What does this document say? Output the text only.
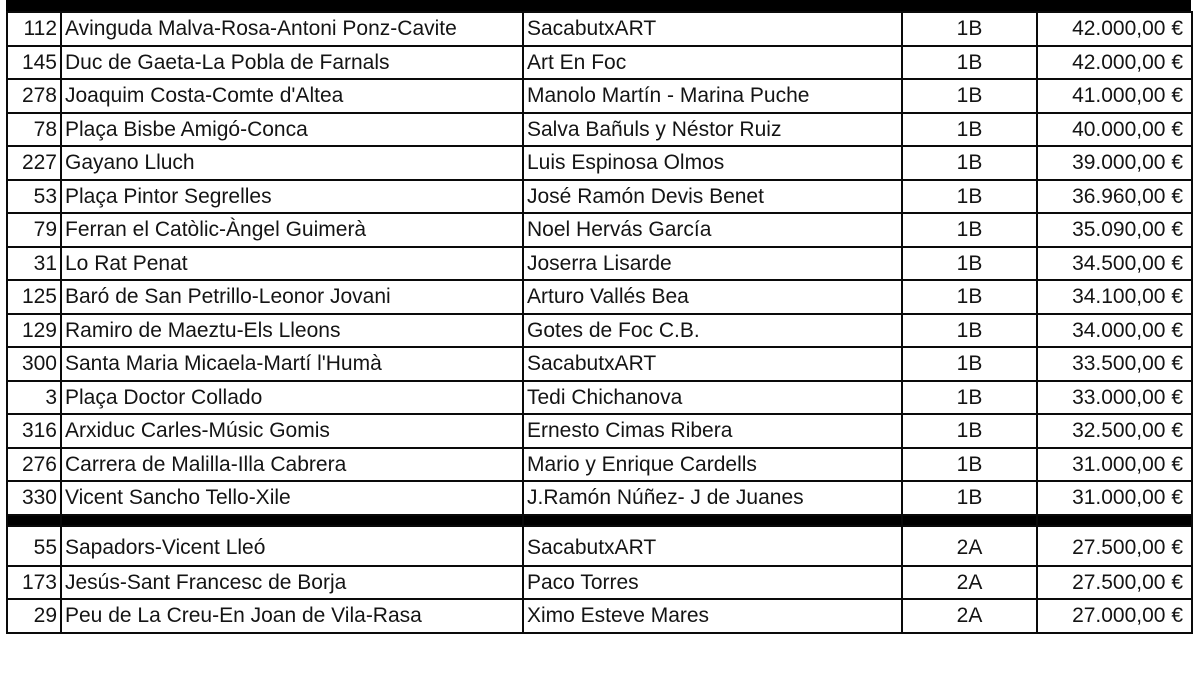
112	Avinguda Malva-Rosa-Antoni Ponz-Cavite	SacabutxART	1B	42.000,00 €
145	Duc de Gaeta-La Pobla de Farnals	Art En Foc	1B	42.000,00 €
278	Joaquim Costa-Comte d'Altea	Manolo Martín - Marina Puche	1B	41.000,00 €
78	Plaça Bisbe Amigó-Conca	Salva Bañuls y Néstor Ruiz	1B	40.000,00 €
227	Gayano Lluch	Luis Espinosa Olmos	1B	39.000,00 €
53	Plaça Pintor Segrelles	José Ramón Devis Benet	1B	36.960,00 €
79	Ferran el Catòlic-Àngel Guimerà	Noel Hervás García	1B	35.090,00 €
31	Lo Rat Penat	Joserra Lisarde	1B	34.500,00 €
125	Baró de San Petrillo-Leonor Jovani	Arturo Vallés Bea	1B	34.100,00 €
129	Ramiro de Maeztu-Els Lleons	Gotes de Foc C.B.	1B	34.000,00 €
300	Santa Maria Micaela-Martí l'Humà	SacabutxART	1B	33.500,00 €
3	Plaça Doctor Collado	Tedi Chichanova	1B	33.000,00 €
316	Arxiduc Carles-Músic Gomis	Ernesto Cimas Ribera	1B	32.500,00 €
276	Carrera de Malilla-Illa Cabrera	Mario y Enrique Cardells	1B	31.000,00 €
330	Vicent Sancho Tello-Xile	J.Ramón Núñez- J de Juanes	1B	31.000,00 €

55	Sapadors-Vicent Lleó	SacabutxART	2A	27.500,00 €
173	Jesús-Sant Francesc de Borja	Paco Torres	2A	27.500,00 €
29	Peu de La Creu-En Joan de Vila-Rasa	Ximo Esteve Mares	2A	27.000,00 €
